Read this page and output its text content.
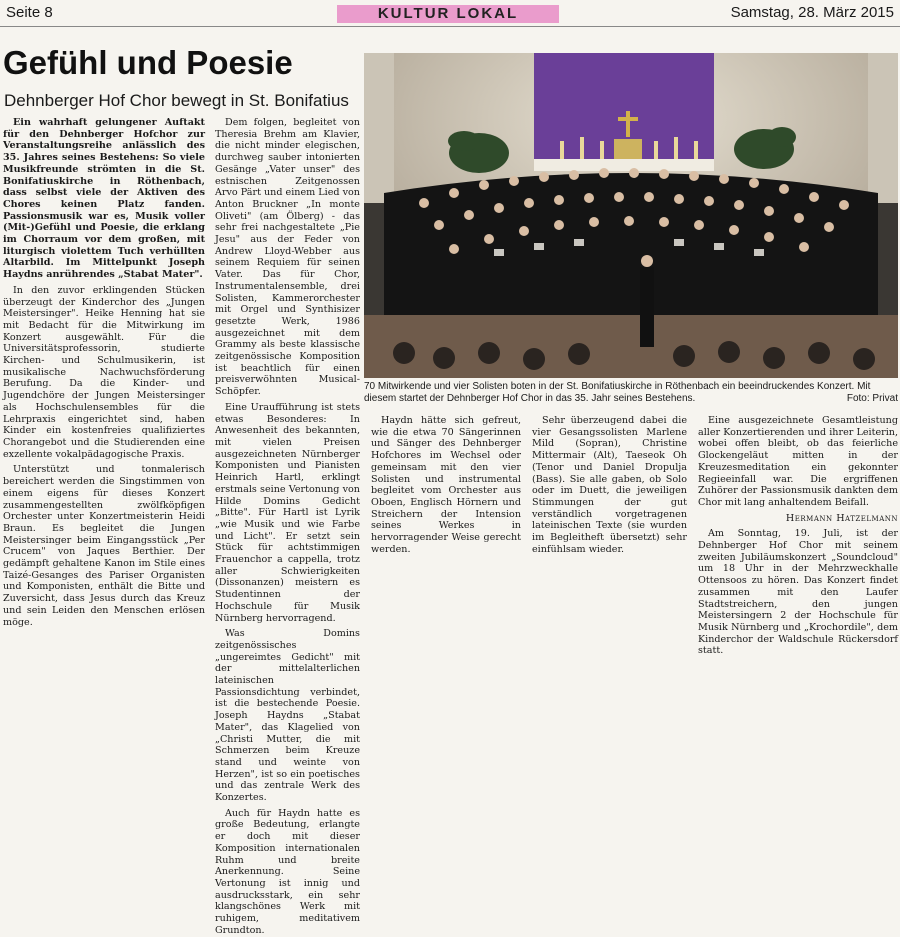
Seite 8	KULTUR LOKAL	Samstag, 28. März 2015
Gefühl und Poesie
Dehnberger Hof Chor bewegt in St. Bonifatius

Ein wahrhaft gelungener Auftakt für den Dehnberger Hofchor zur Veranstaltungsreihe anlässlich des 35. Jahres seines Bestehens: So viele Musikfreunde strömten in die St. Bonifatiuskirche in Röthenbach, dass selbst viele der Aktiven des Chores keinen Platz fanden. Passionsmusik war es, Musik voller (Mit-)Gefühl und Poesie, die erklang im Chorraum vor dem großen, mit liturgisch violettem Tuch verhüllten Altarbild. Im Mittelpunkt Joseph Haydns anrührendes „Stabat Mater".

In den zuvor erklingenden Stücken überzeugt der Kinderchor des „Jungen Meistersinger". Heike Henning hat sie mit Bedacht für die Mitwirkung im Konzert ausgewählt. Für die Universitätsprofessorin, studierte Kirchen- und Schulmusikerin, ist musikalische Nachwuchsförderung Berufung. Da die Kinder- und Jugendchöre der Jungen Meistersinger als Hochschulensembles für die Lehrpraxis eingerichtet sind, haben Kinder ein kostenfreies qualifiziertes Chorangebot und die Studierenden eine exzellente vokalpädagogische Praxis.

Unterstützt und tonmalerisch bereichert werden die Singstimmen von einem eigens für dieses Konzert zusammengestellten zwölfköpfigen Orchester unter Konzertmeisterin Heidi Braun. Es begleitet die Jungen Meistersinger beim Eingangsstück „Per Crucem" von Jaques Berthier. Der gedämpft gehaltene Kanon im Stile eines Taizé-Gesanges des Pariser Organisten und Komponisten, enthält die Bitte und Zuversicht, dass Jesus durch das Kreuz und sein Leiden den Menschen erlösen möge.

Dem folgen, begleitet von Theresia Brehm am Klavier, die nicht minder elegischen, durchweg sauber intonierten Gesänge „Vater unser" des estnischen Zeitgenossen Arvo Pärt und einem Lied von Anton Bruckner „In monte Oliveti" (am Ölberg) - das sehr frei nachgestaltete „Pie Jesu" aus der Feder von Andrew Lloyd-Webber aus seinem Requiem für seinen Vater. Das für Chor, Instrumentalensemble, drei Solisten, Kammerorchester mit Orgel und Synthisizer gesetzte Werk, 1986 ausgezeichnet mit dem Grammy als beste klassische zeitgenössische Komposition ist beachtlich für einen preisverwöhnten Musical-Schöpfer.

Eine Uraufführung ist stets etwas Besonderes: In Anwesenheit des bekannten, mit vielen Preisen ausgezeichneten Nürnberger Komponisten und Pianisten Heinrich Hartl, erklingt erstmals seine Vertonung von Hilde Domins Gedicht „Bitte". Für Hartl ist Lyrik „wie Musik und wie Farbe und Licht". Er setzt sein Stück für achtstimmigen Frauenchor a cappella, trotz aller Schwierigkeiten (Dissonanzen) meistern es Studentinnen der Hochschule für Musik Nürnberg hervorragend.

Was Domins zeitgenössisches „ungereimtes Gedicht" mit der mittelalterlichen lateinischen Passionsdichtung verbindet, ist die bestechende Poesie. Joseph Haydns „Stabat Mater", das Klagelied von „Christi Mutter, die mit Schmerzen beim Kreuze stand und weinte von Herzen", ist so ein poetisches und das zentrale Werk des Konzertes.

Auch für Haydn hatte es große Bedeutung, erlangte er doch mit dieser Komposition internationalen Ruhm und breite Anerkennung. Seine Vertonung ist innig und ausdrucksstark, ein sehr klangschönes Werk mit ruhigem, meditativem Grundton.

70 Mitwirkende und vier Solisten boten in der St. Bonifatiuskirche in Röthenbach ein beeindruckendes Konzert. Mit diesem startet der Dehnberger Hof Chor in das 35. Jahr seines Bestehens.	Foto: Privat

Haydn hätte sich gefreut, wie die etwa 70 Sängerinnen und Sänger des Dehnberger Hofchores im Wechsel oder gemeinsam mit den vier Solisten und instrumental begleitet vom Orchester aus Oboen, Englisch Hörnern und Streichern der Intension seines Werkes in hervorragender Weise gerecht werden.

Sehr überzeugend dabei die vier Gesangssolisten Marlene Mild (Sopran), Christine Mittermair (Alt), Taeseok Oh (Tenor und Daniel Dropulja (Bass). Sie alle gaben, ob Solo oder im Duett, die jeweiligen Stimmungen der gut verständlich vorgetragenen lateinischen Texte (sie wurden im Begleitheft übersetzt) sehr einfühlsam wieder.

Eine ausgezeichnete Gesamtleistung aller Konzertierenden und ihrer Leiterin, wobei offen bleibt, ob das feierliche Glockengeläut mitten in der Kreuzesmeditation ein gekonnter Regieeinfall war. Die ergriffenen Zuhörer der Passionsmusik dankten dem Chor mit lang anhaltendem Beifall.

Hermann Hatzelmann

Am Sonntag, 19. Juli, ist der Dehnberger Hof Chor mit seinem zweiten Jubiläumskonzert „Soundcloud" um 18 Uhr in der Mehrzweckhalle Ottensoos zu hören. Das Konzert findet zusammen mit den Laufer Stadtstreichern, den jungen Meistersingern 2 der Hochschule für Musik Nürnberg und „Krochordile", dem Kinderchor der Waldschule Rückersdorf statt.
